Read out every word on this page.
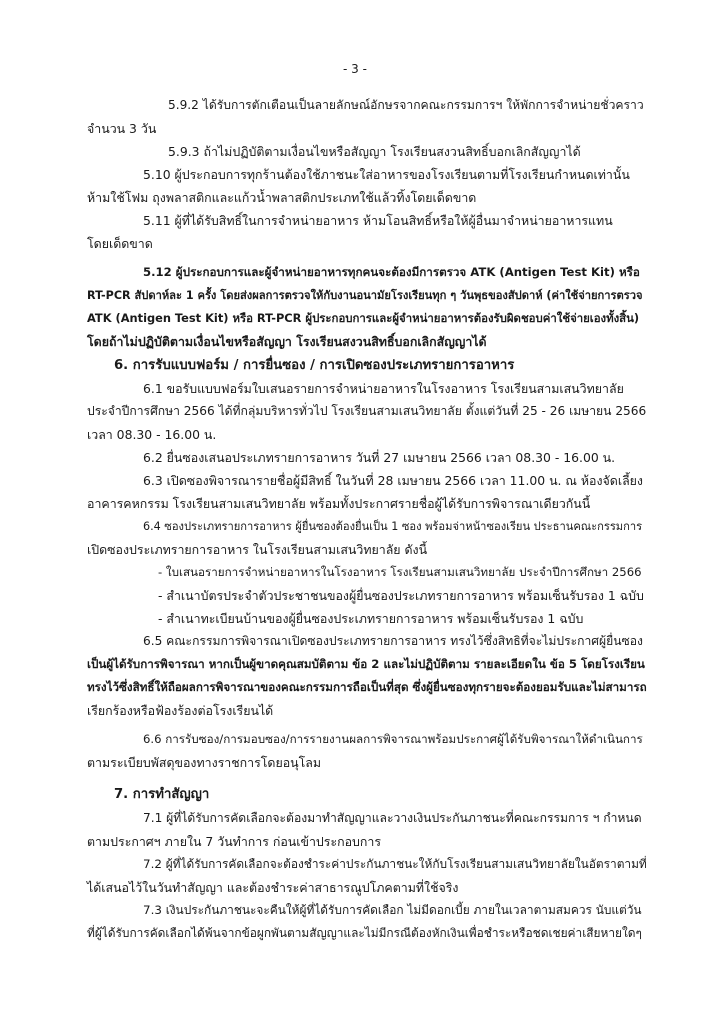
- 3 -
5.9.2 ได้รับการตักเตือนเป็นลายลักษณ์อักษรจากคณะกรรมการฯ ให้พักการจำหน่ายชั่วคราว
จำนวน 3 วัน
5.9.3 ถ้าไม่ปฏิบัติตามเงื่อนไขหรือสัญญา โรงเรียนสงวนสิทธิ์บอกเลิกสัญญาได้
5.10 ผู้ประกอบการทุกร้านต้องใช้ภาชนะใส่อาหารของโรงเรียนตามที่โรงเรียนกำหนดเท่านั้น
ห้ามใช้โฟม ถุงพลาสติกและแก้วน้ำพลาสติกประเภทใช้แล้วทิ้งโดยเด็ดขาด
5.11 ผู้ที่ได้รับสิทธิ์ในการจำหน่ายอาหาร ห้ามโอนสิทธิ์หรือให้ผู้อื่นมาจำหน่ายอาหารแทน
โดยเด็ดขาด
5.12 ผู้ประกอบการและผู้จำหน่ายอาหารทุกคนจะต้องมีการตรวจ ATK (Antigen Test Kit) หรือ
RT-PCR สัปดาห์ละ 1 ครั้ง โดยส่งผลการตรวจให้กับงานอนามัยโรงเรียนทุก ๆ วันพุธของสัปดาห์ (ค่าใช้จ่ายการตรวจ
ATK (Antigen Test Kit) หรือ RT-PCR ผู้ประกอบการและผู้จำหน่ายอาหารต้องรับผิดชอบค่าใช้จ่ายเองทั้งสิ้น)
โดยถ้าไม่ปฏิบัติตามเงื่อนไขหรือสัญญา โรงเรียนสงวนสิทธิ์บอกเลิกสัญญาได้
6. การรับแบบฟอร์ม / การยื่นซอง / การเปิดซองประเภทรายการอาหาร
6.1 ขอรับแบบฟอร์มใบเสนอรายการจำหน่ายอาหารในโรงอาหาร โรงเรียนสามเสนวิทยาลัย
ประจำปีการศึกษา 2566 ได้ที่กลุ่มบริหารทั่วไป โรงเรียนสามเสนวิทยาลัย ตั้งแต่วันที่ 25 - 26 เมษายน 2566
เวลา 08.30 - 16.00 น.
6.2 ยื่นซองเสนอประเภทรายการอาหาร วันที่ 27 เมษายน 2566 เวลา 08.30 - 16.00 น.
6.3 เปิดซองพิจารณารายชื่อผู้มีสิทธิ์ ในวันที่ 28 เมษายน 2566 เวลา 11.00 น. ณ ห้องจัดเลี้ยง
อาคารคหกรรม โรงเรียนสามเสนวิทยาลัย พร้อมทั้งประกาศรายชื่อผู้ได้รับการพิจารณาเดียวกันนี้
6.4 ซองประเภทรายการอาหาร ผู้ยื่นซองต้องยื่นเป็น 1 ซอง พร้อมจ่าหน้าซองเรียน ประธานคณะกรรมการ
เปิดซองประเภทรายการอาหาร ในโรงเรียนสามเสนวิทยาลัย ดังนี้
- ใบเสนอรายการจำหน่ายอาหารในโรงอาหาร โรงเรียนสามเสนวิทยาลัย ประจำปีการศึกษา 2566
- สำเนาบัตรประจำตัวประชาชนของผู้ยื่นซองประเภทรายการอาหาร พร้อมเซ็นรับรอง 1 ฉบับ
- สำเนาทะเบียนบ้านของผู้ยื่นซองประเภทรายการอาหาร พร้อมเซ็นรับรอง 1 ฉบับ
6.5 คณะกรรมการพิจารณาเปิดซองประเภทรายการอาหาร ทรงไว้ซึ่งสิทธิที่จะไม่ประกาศผู้ยื่นซอง
เป็นผู้ได้รับการพิจารณา หากเป็นผู้ขาดคุณสมบัติตาม ข้อ 2 และไม่ปฏิบัติตาม รายละเอียดใน ข้อ 5 โดยโรงเรียน
ทรงไว้ซึ่งสิทธิ์ให้ถือผลการพิจารณาของคณะกรรมการถือเป็นที่สุด ซึ่งผู้ยื่นซองทุกรายจะต้องยอมรับและไม่สามารถ
เรียกร้องหรือฟ้องร้องต่อโรงเรียนได้
6.6 การรับซอง/การมอบซอง/การรายงานผลการพิจารณาพร้อมประกาศผู้ได้รับพิจารณาให้ดำเนินการ
ตามระเบียบพัสดุของทางราชการโดยอนุโลม
7. การทำสัญญา
7.1 ผู้ที่ได้รับการคัดเลือกจะต้องมาทำสัญญาและวางเงินประกันภาชนะที่คณะกรรมการ ฯ กำหนด
ตามประกาศฯ ภายใน 7 วันทำการ ก่อนเข้าประกอบการ
7.2 ผู้ที่ได้รับการคัดเลือกจะต้องชำระค่าประกันภาชนะให้กับโรงเรียนสามเสนวิทยาลัยในอัตราตามที่
ได้เสนอไว้ในวันทำสัญญา และต้องชำระค่าสาธารณูปโภคตามที่ใช้จริง
7.3 เงินประกันภาชนะจะคืนให้ผู้ที่ได้รับการคัดเลือก ไม่มีดอกเบี้ย ภายในเวลาตามสมควร นับแต่วัน
ที่ผู้ได้รับการคัดเลือกได้พ้นจากข้อผูกพันตามสัญญาและไม่มีกรณีต้องหักเงินเพื่อชำระหรือชดเชยค่าเสียหายใดๆ
